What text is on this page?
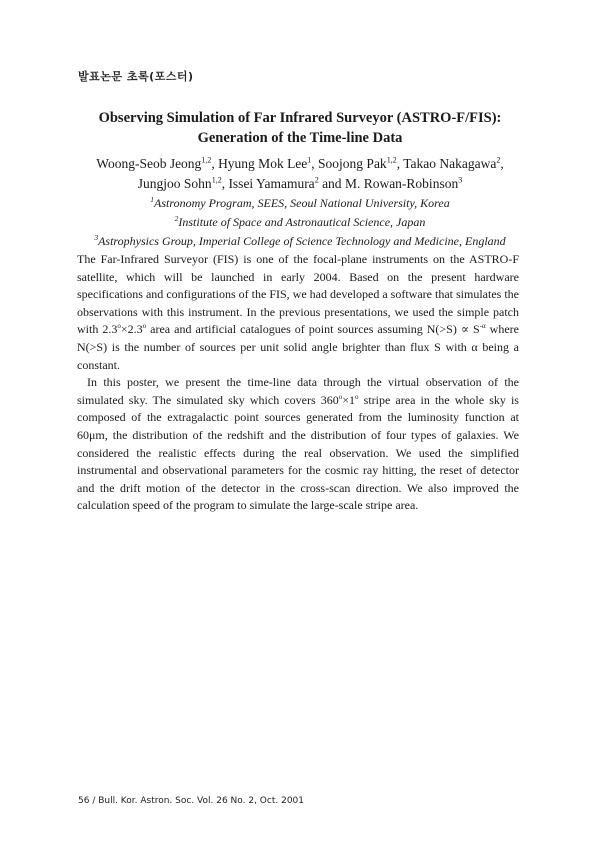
발표논문 초록(포스터)

Observing Simulation of Far Infrared Surveyor (ASTRO-F/FIS):

Generation of the Time-line Data

Woong-Seob Jeong$^{1,2}$, Hyung Mok Lee$^1$, Soojong Pak$^{1,2}$, Takao Nakagawa$^2$,
Jungjoo Sohn$^{1,2}$, Issei Yamamura$^2$ and M. Rowan-Robinson$^3$
$^1$Astronomy Program, SEES, Seoul National University, Korea
$^2$Institute of Space and Astronautical Science, Japan
$^3$Astrophysics Group, Imperial College of Science Technology and Medicine, England

The Far-Infrared Surveyor (FIS) is one of the focal-plane instruments on the ASTRO-F satellite, which will be launched in early 2004. Based on the present hardware specifications and configurations of the FIS, we had developed a software that simulates the observations with this instrument. In the previous presentations, we used the simple patch with $2.3^o\times 2.3^o$ area and artificial catalogues of point sources assuming $N(>S) \propto S^{-\alpha}$ where N(>S) is the number of sources per unit solid angle brighter than flux S with α being a constant.

In this poster, we present the time-line data through the virtual observation of the simulated sky. The simulated sky which covers $360^o\times 1^o$ stripe area in the whole sky is composed of the extragalactic point sources generated from the luminosity function at 60μm, the distribution of the redshift and the distribution of four types of galaxies. We considered the realistic effects during the real observation. We used the simplified instrumental and observational parameters for the cosmic ray hitting, the reset of detector and the drift motion of the detector in the cross-scan direction. We also improved the calculation speed of the program to simulate the large-scale stripe area.

56 / Bull. Kor. Astron. Soc. Vol. 26 No. 2, Oct. 2001
